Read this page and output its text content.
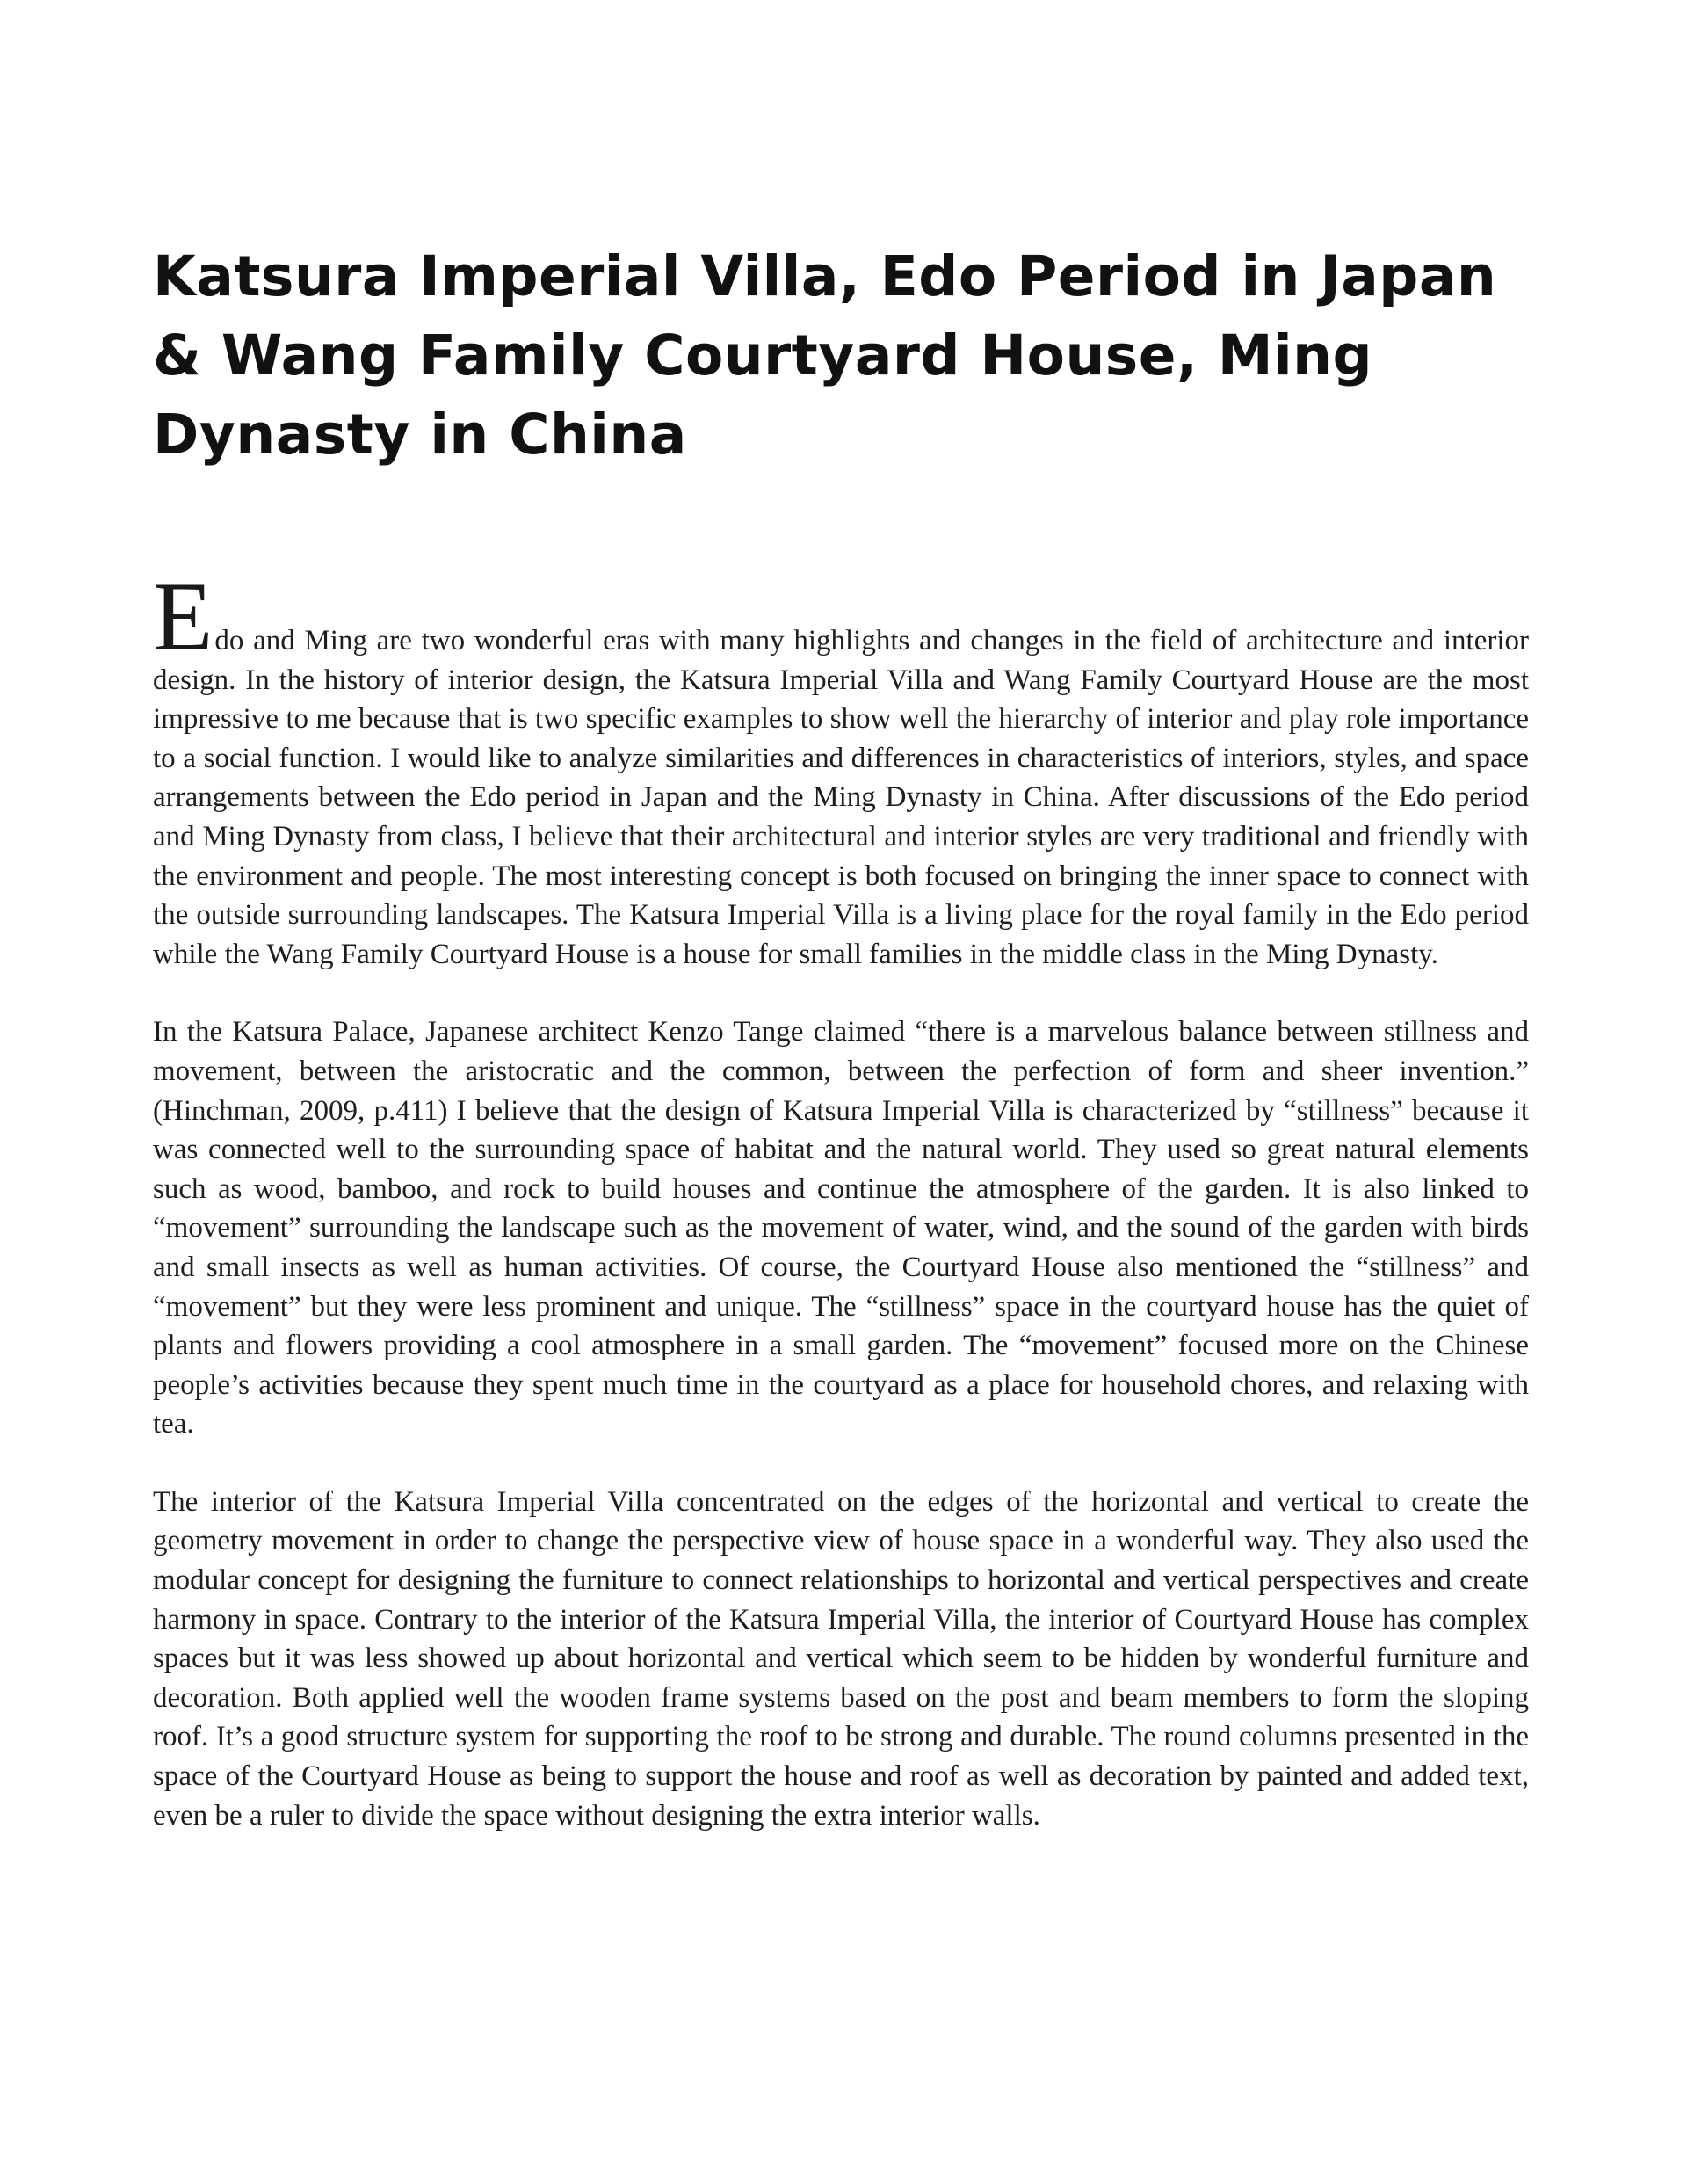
Katsura Imperial Villa, Edo Period in Japan & Wang Family Courtyard House, Ming Dynasty in China

Edo and Ming are two wonderful eras with many highlights and changes in the field of architecture and interior design. In the history of interior design, the Katsura Imperial Villa and Wang Family Courtyard House are the most impressive to me because that is two specific examples to show well the hierarchy of interior and play role importance to a social function. I would like to analyze similarities and differences in characteristics of interiors, styles, and space arrangements between the Edo period in Japan and the Ming Dynasty in China. After discussions of the Edo period and Ming Dynasty from class, I believe that their architectural and interior styles are very traditional and friendly with the environment and people. The most interesting concept is both focused on bringing the inner space to connect with the outside surrounding landscapes. The Katsura Imperial Villa is a living place for the royal family in the Edo period while the Wang Family Courtyard House is a house for small families in the middle class in the Ming Dynasty.

In the Katsura Palace, Japanese architect Kenzo Tange claimed “there is a marvelous balance between stillness and movement, between the aristocratic and the common, between the perfection of form and sheer invention.” (Hinchman, 2009, p.411) I believe that the design of Katsura Imperial Villa is characterized by “stillness” because it was connected well to the surrounding space of habitat and the natural world. They used so great natural elements such as wood, bamboo, and rock to build houses and continue the atmosphere of the garden. It is also linked to “movement” surrounding the landscape such as the movement of water, wind, and the sound of the garden with birds and small insects as well as human activities. Of course, the Courtyard House also mentioned the “stillness” and “movement” but they were less prominent and unique. The “stillness” space in the courtyard house has the quiet of plants and flowers providing a cool atmosphere in a small garden. The “movement” focused more on the Chinese people’s activities because they spent much time in the courtyard as a place for household chores, and relaxing with tea.

The interior of the Katsura Imperial Villa concentrated on the edges of the horizontal and vertical to create the geometry movement in order to change the perspective view of house space in a wonderful way. They also used the modular concept for designing the furniture to connect relationships to horizontal and vertical perspectives and create harmony in space. Contrary to the interior of the Katsura Imperial Villa, the interior of Courtyard House has complex spaces but it was less showed up about horizontal and vertical which seem to be hidden by wonderful furniture and decoration. Both applied well the wooden frame systems based on the post and beam members to form the sloping roof. It’s a good structure system for supporting the roof to be strong and durable. The round columns presented in the space of the Courtyard House as being to support the house and roof as well as decoration by painted and added text, even be a ruler to divide the space without designing the extra interior walls.
